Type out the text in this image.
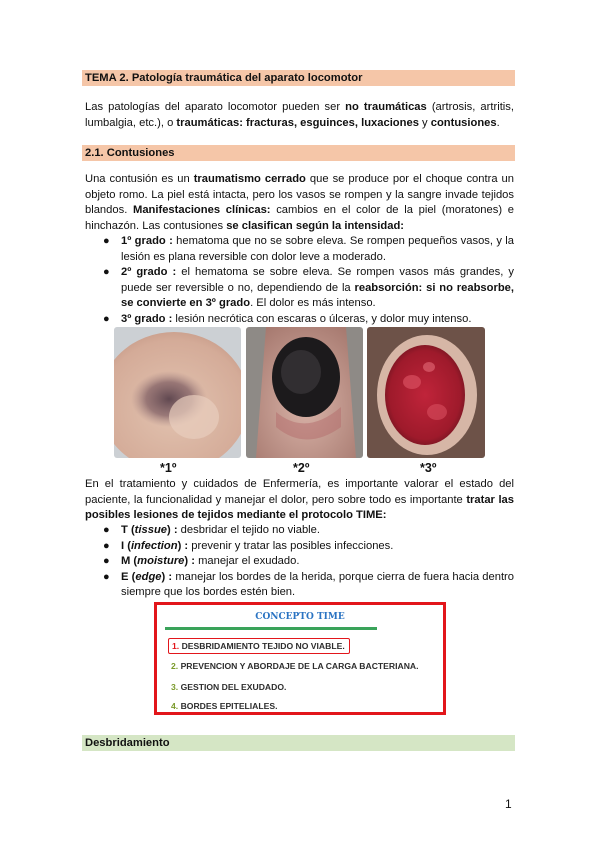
TEMA 2. Patología traumática del aparato locomotor
Las patologías del aparato locomotor pueden ser no traumáticas (artrosis, artritis, lumbalgia, etc.), o traumáticas: fracturas, esguinces, luxaciones y contusiones.
2.1. Contusiones
Una contusión es un traumatismo cerrado que se produce por el choque contra un objeto romo. La piel está intacta, pero los vasos se rompen y la sangre invade tejidos blandos. Manifestaciones clínicas: cambios en el color de la piel (moratones) e hinchazón. Las contusiones se clasifican según la intensidad:
● 1º grado : hematoma que no se sobre eleva. Se rompen pequeños vasos, y la lesión es plana reversible con dolor leve a moderado.
● 2º grado : el hematoma se sobre eleva. Se rompen vasos más grandes, y puede ser reversible o no, dependiendo de la reabsorción: si no reabsorbe, se convierte en 3º grado. El dolor es más intenso.
● 3º grado : lesión necrótica con escaras o úlceras, y dolor muy intenso.
*1º	*2º	*3º
En el tratamiento y cuidados de Enfermería, es importante valorar el estado del paciente, la funcionalidad y manejar el dolor, pero sobre todo es importante tratar las posibles lesiones de tejidos mediante el protocolo TIME:
● T (tissue) : desbridar el tejido no viable.
● I (infection) : prevenir y tratar las posibles infecciones.
● M (moisture) : manejar el exudado.
● E (edge) : manejar los bordes de la herida, porque cierra de fuera hacia dentro siempre que los bordes estén bien.
CONCEPTO TIME
1. DESBRIDAMIENTO TEJIDO NO VIABLE.
2. PREVENCION Y ABORDAJE DE LA CARGA BACTERIANA.
3. GESTION DEL EXUDADO.
4. BORDES EPITELIALES.
Desbridamiento
1
